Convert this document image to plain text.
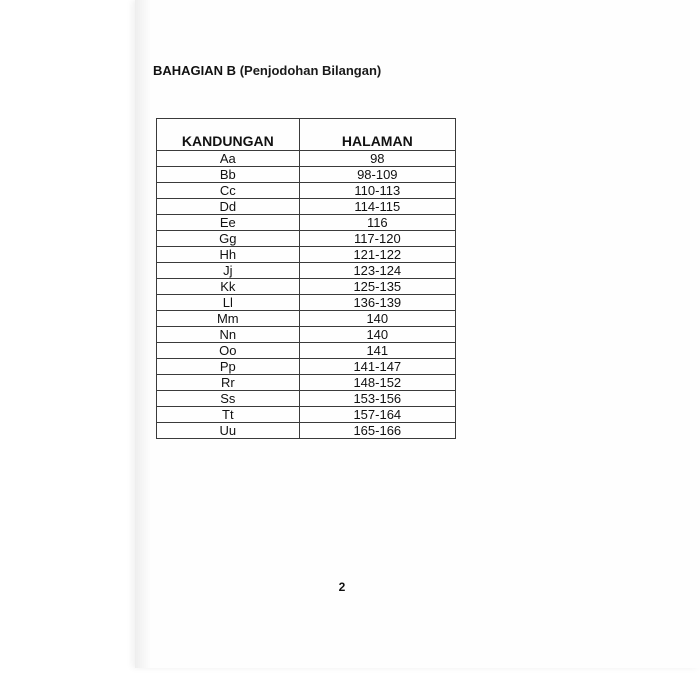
BAHAGIAN B (Penjodohan Bilangan)
KANDUNGAN	HALAMAN
Aa	98
Bb	98-109
Cc	110-113
Dd	114-115
Ee	116
Gg	117-120
Hh	121-122
Jj	123-124
Kk	125-135
Ll	136-139
Mm	140
Nn	140
Oo	141
Pp	141-147
Rr	148-152
Ss	153-156
Tt	157-164
Uu	165-166
2
